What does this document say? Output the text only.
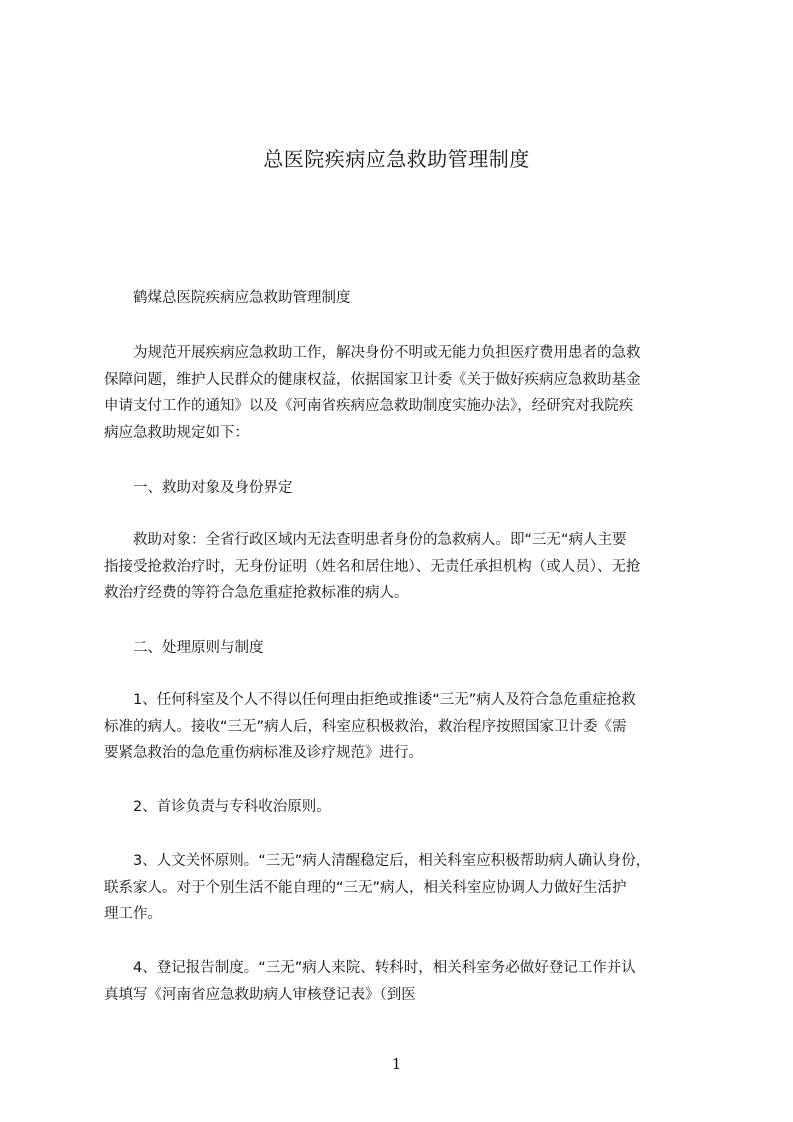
总医院疾病应急救助管理制度
　　鹤煤总医院疾病应急救助管理制度
　　为规范开展疾病应急救助工作，解决身份不明或无能力负担医疗费用患者的急救
保障问题，维护人民群众的健康权益，依据国家卫计委《关于做好疾病应急救助基金
申请支付工作的通知》以及《河南省疾病应急救助制度实施办法》，经研究对我院疾
病应急救助规定如下：
　　一、救助对象及身份界定
　　救助对象：全省行政区域内无法查明患者身份的急救病人。即“三无“病人主要
指接受抢救治疗时，无身份证明（姓名和居住地）、无责任承担机构（或人员）、无抢
救治疗经费的等符合急危重症抢救标准的病人。
　　二、处理原则与制度
　　1、任何科室及个人不得以任何理由拒绝或推诿“三无”病人及符合急危重症抢救
标准的病人。接收“三无”病人后，科室应积极救治，救治程序按照国家卫计委《需
要紧急救治的急危重伤病标准及诊疗规范》进行。
　　2、首诊负责与专科收治原则。
　　3、人文关怀原则。“三无”病人清醒稳定后，相关科室应积极帮助病人确认身份，
联系家人。对于个别生活不能自理的“三无”病人，相关科室应协调人力做好生活护
理工作。
　　4、登记报告制度。“三无”病人来院、转科时，相关科室务必做好登记工作并认
真填写《河南省应急救助病人审核登记表》（到医
1
